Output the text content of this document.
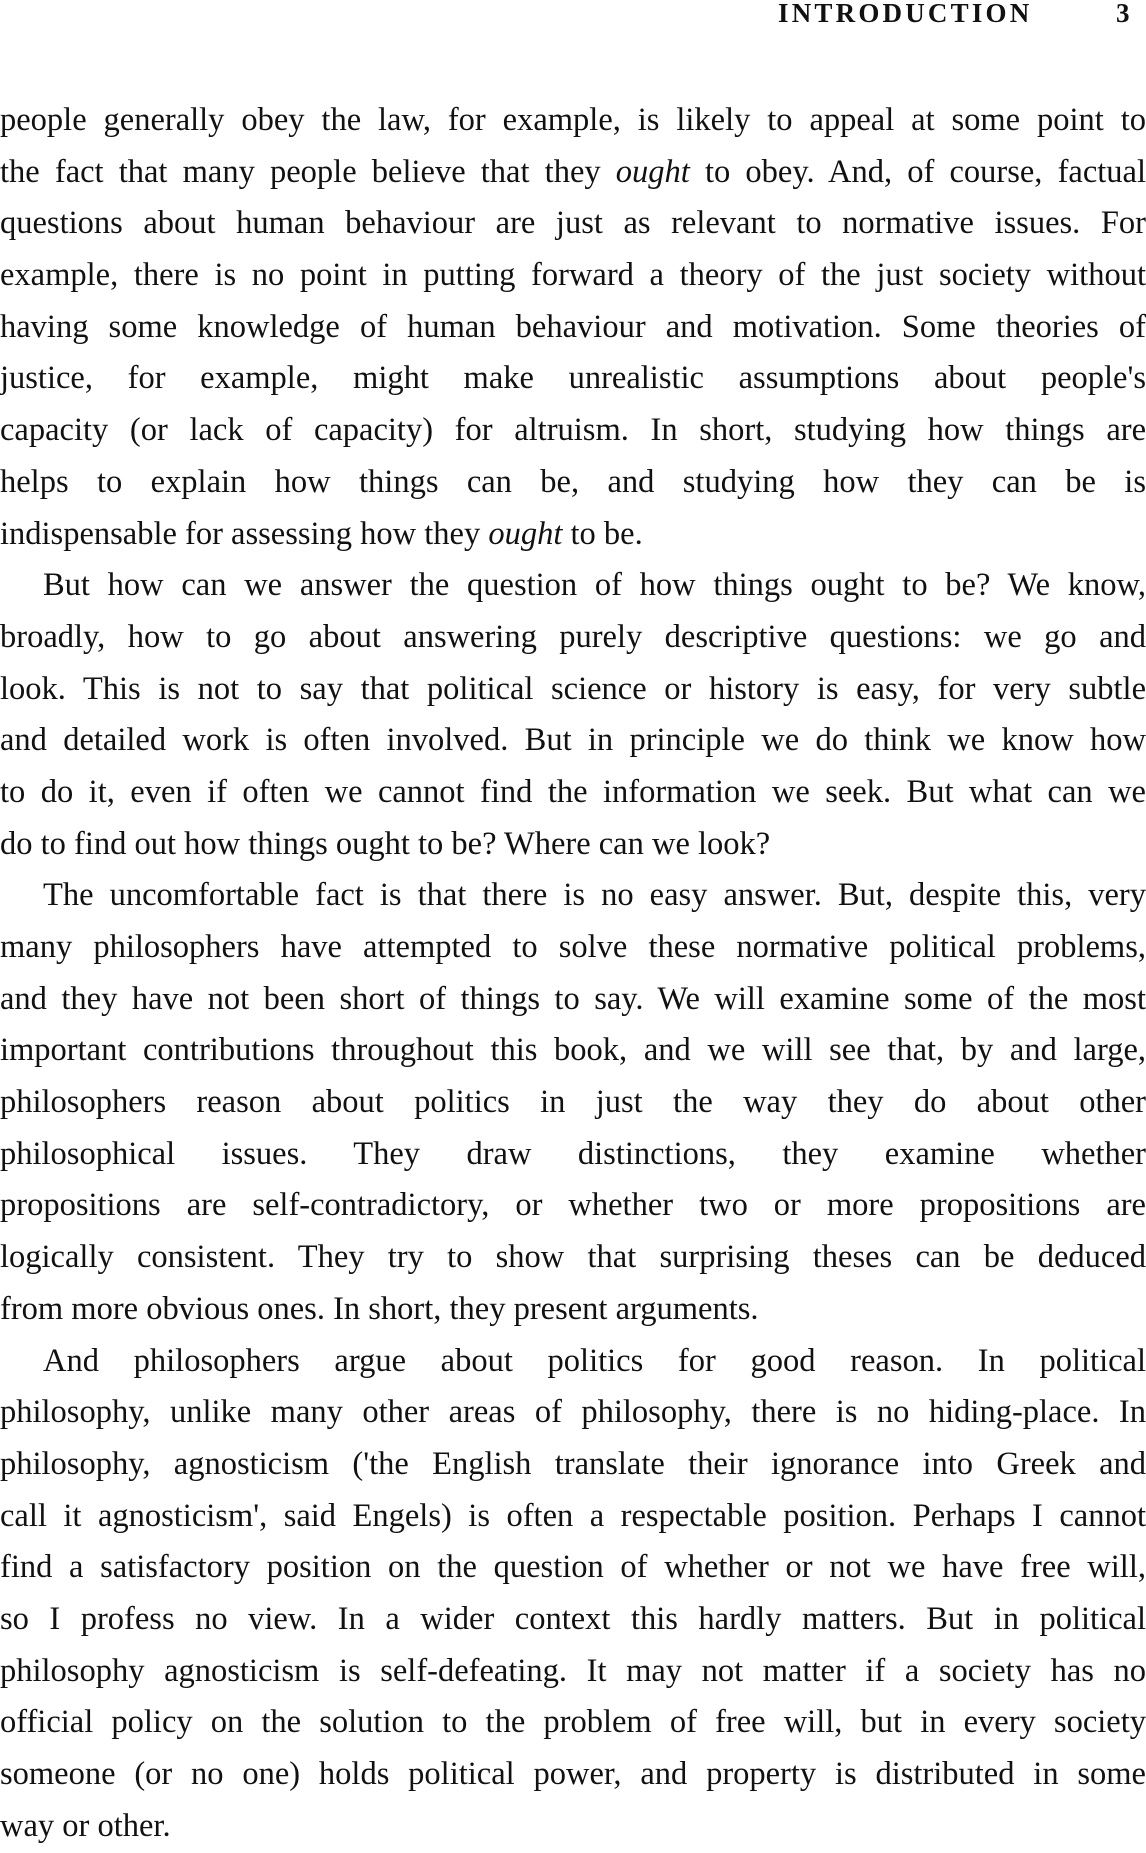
INTRODUCTION	3
people generally obey the law, for example, is likely to appeal at some point to
the fact that many people believe that they ought to obey. And, of course, factual
questions about human behaviour are just as relevant to normative issues. For
example, there is no point in putting forward a theory of the just society without
having some knowledge of human behaviour and motivation. Some theories of
justice, for example, might make unrealistic assumptions about people's
capacity (or lack of capacity) for altruism. In short, studying how things are
helps to explain how things can be, and studying how they can be is
indispensable for assessing how they ought to be.
But how can we answer the question of how things ought to be? We know,
broadly, how to go about answering purely descriptive questions: we go and
look. This is not to say that political science or history is easy, for very subtle
and detailed work is often involved. But in principle we do think we know how
to do it, even if often we cannot find the information we seek. But what can we
do to find out how things ought to be? Where can we look?
The uncomfortable fact is that there is no easy answer. But, despite this, very
many philosophers have attempted to solve these normative political problems,
and they have not been short of things to say. We will examine some of the most
important contributions throughout this book, and we will see that, by and large,
philosophers reason about politics in just the way they do about other
philosophical issues. They draw distinctions, they examine whether
propositions are self-contradictory, or whether two or more propositions are
logically consistent. They try to show that surprising theses can be deduced
from more obvious ones. In short, they present arguments.
And philosophers argue about politics for good reason. In political
philosophy, unlike many other areas of philosophy, there is no hiding-place. In
philosophy, agnosticism ('the English translate their ignorance into Greek and
call it agnosticism', said Engels) is often a respectable position. Perhaps I cannot
find a satisfactory position on the question of whether or not we have free will,
so I profess no view. In a wider context this hardly matters. But in political
philosophy agnosticism is self-defeating. It may not matter if a society has no
official policy on the solution to the problem of free will, but in every society
someone (or no one) holds political power, and property is distributed in some
way or other.
